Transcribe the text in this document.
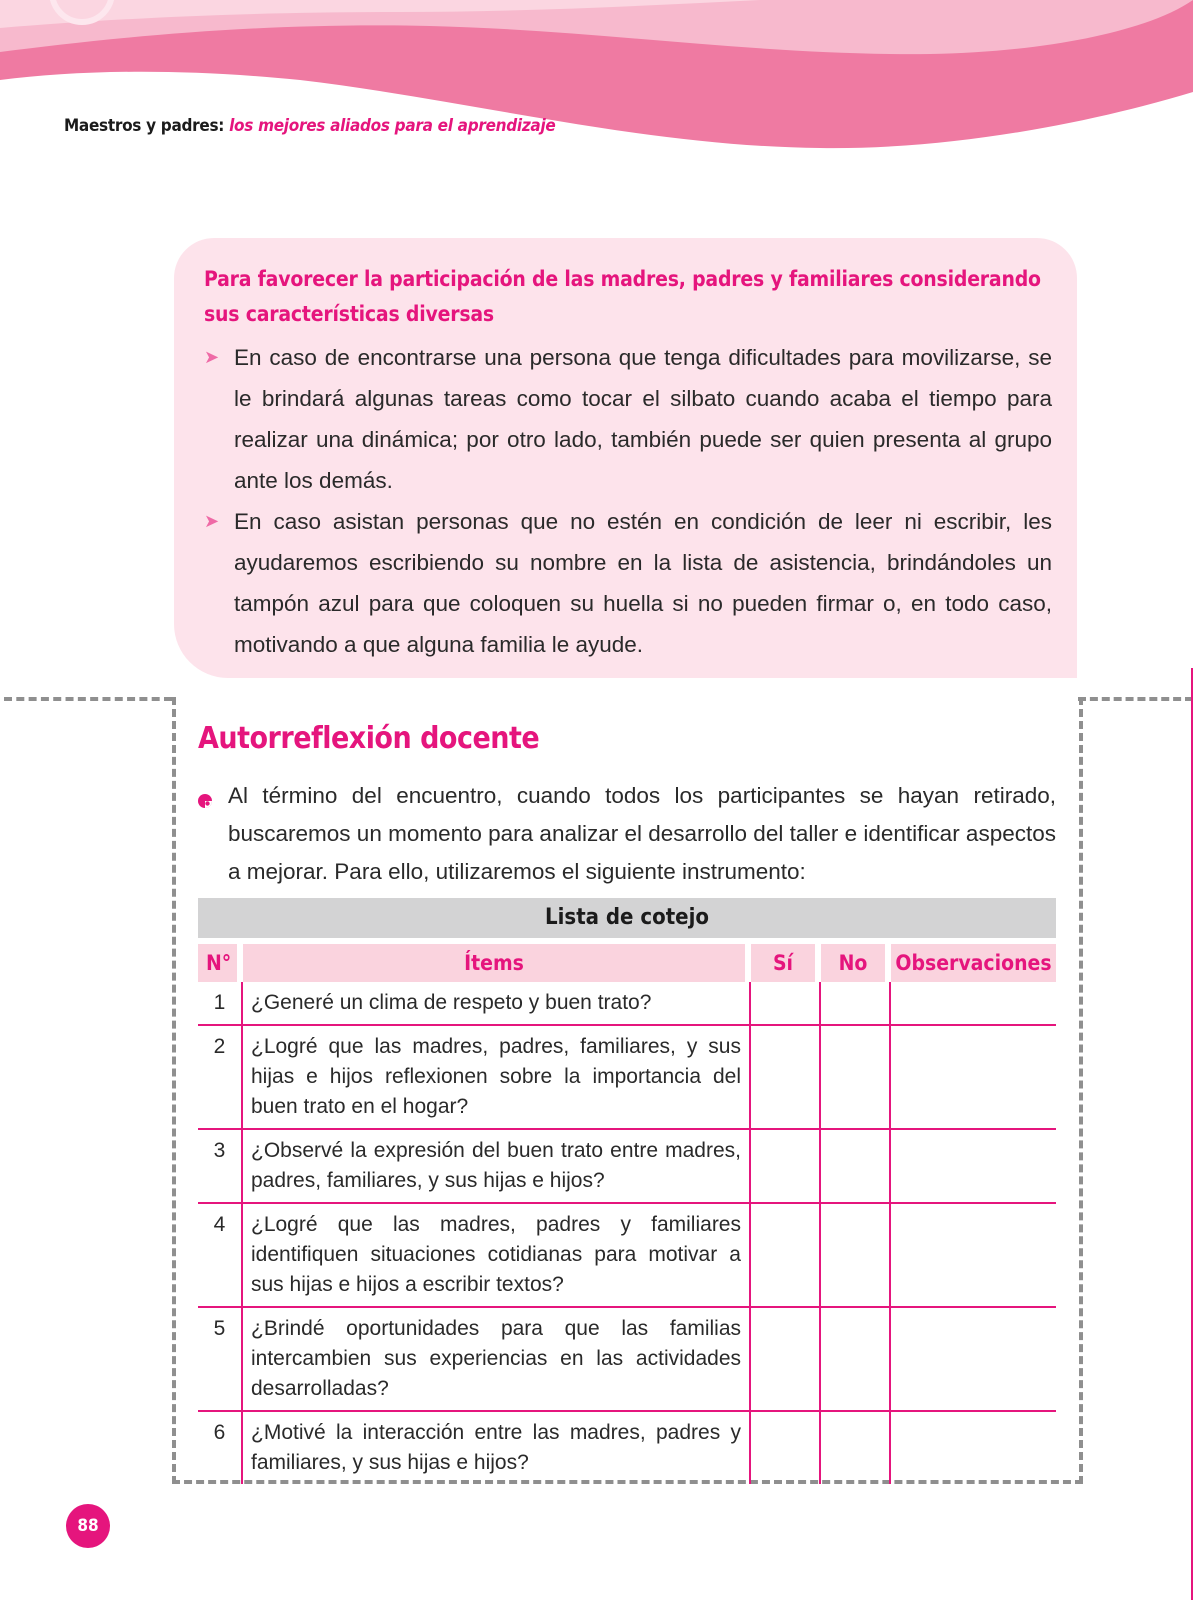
Maestros y padres: los mejores aliados para el aprendizaje
Para favorecer la participación de las madres, padres y familiares considerando sus características diversas
➤ En caso de encontrarse una persona que tenga dificultades para movilizarse, se le brindará algunas tareas como tocar el silbato cuando acaba el tiempo para realizar una dinámica; por otro lado, también puede ser quien presenta al grupo ante los demás.
➤ En caso asistan personas que no estén en condición de leer ni escribir, les ayudaremos escribiendo su nombre en la lista de asistencia, brindándoles un tampón azul para que coloquen su huella si no pueden firmar o, en todo caso, motivando a que alguna familia le ayude.
Autorreflexión docente
Al término del encuentro, cuando todos los participantes se hayan retirado, buscaremos un momento para analizar el desarrollo del taller e identificar aspectos a mejorar. Para ello, utilizaremos el siguiente instrumento:
Lista de cotejo
N°	Ítems	Sí	No	Observaciones
1	¿Generé un clima de respeto y buen trato?			
2	¿Logré que las madres, padres, familiares, y sus hijas e hijos reflexionen sobre la importancia del buen trato en el hogar?			
3	¿Observé la expresión del buen trato entre madres, padres, familiares, y sus hijas e hijos?			
4	¿Logré que las madres, padres y familiares identifiquen situaciones cotidianas para motivar a sus hijas e hijos a escribir textos?			
5	¿Brindé oportunidades para que las familias intercambien sus experiencias en las actividades desarrolladas?			
6	¿Motivé la interacción entre las madres, padres y familiares, y sus hijas e hijos?			
88
